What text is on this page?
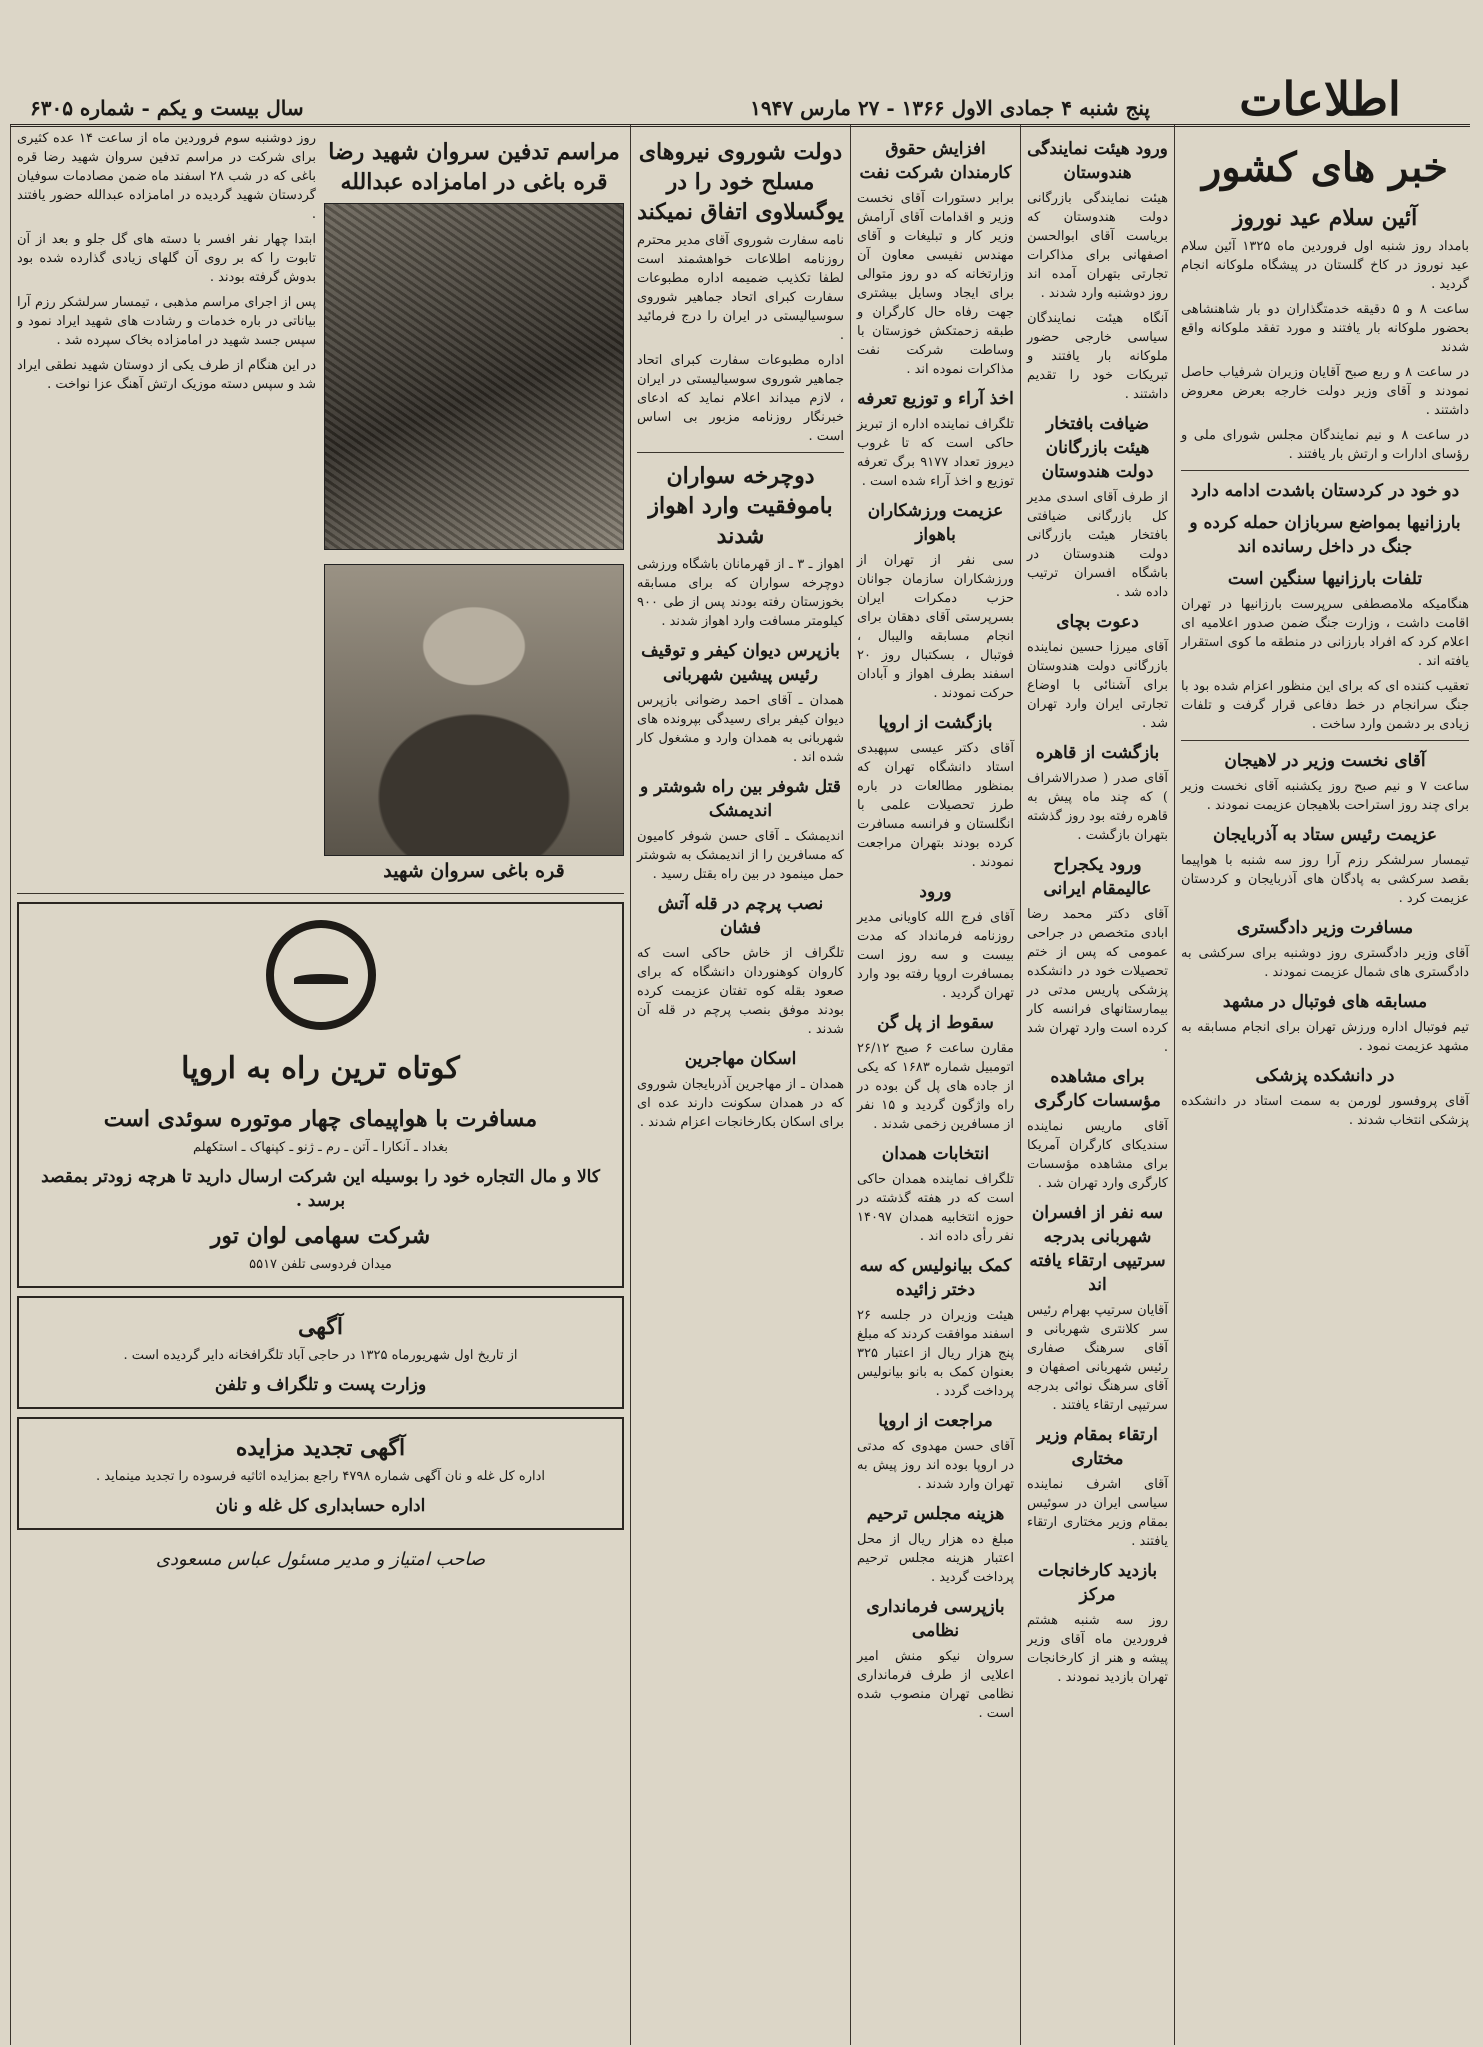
اطلاعات
پنج شنبه ۴ جمادی الاول ۱۳۶۶ - ۲۷ مارس ۱۹۴۷
سال بیست و یکم - شماره ۶۳۰۵
خبر های کشور
آئین سلام عید نوروز

بامداد روز شنبه اول فروردین ماه ۱۳۲۵ آئین سلام عید نوروز در کاخ گلستان در پیشگاه ملوکانه انجام گردید .

ساعت ۸ و ۵ دقیقه خدمتگذاران دو بار شاهنشاهی بحضور ملوکانه بار یافتند و مورد تفقد ملوکانه واقع شدند

در ساعت ۸ و ربع صبح آقایان وزیران شرفیاب حاصل نمودند و آقای وزیر دولت خارجه بعرض معروض داشتند .

در ساعت ۸ و نیم نمایندگان مجلس شورای ملی و رؤسای ادارات و ارتش بار یافتند .

دو خود در کردستان باشدت ادامه دارد
بارزانیها بمواضع سربازان حمله کرده و جنگ در داخل رسانده اند
تلفات بارزانیها سنگین است

هنگامیکه ملامصطفی سرپرست بارزانیها در تهران اقامت داشت ، وزارت جنگ ضمن صدور اعلامیه ای اعلام کرد که افراد بارزانی در منطقه ما کوی استقرار یافته اند .

تعقیب کننده ای که برای این منظور اعزام شده بود با جنگ سرانجام در خط دفاعی قرار گرفت و تلفات زیادی بر دشمن وارد ساخت .

آقای نخست وزیر در لاهیجان

ساعت ۷ و نیم صبح روز یکشنبه آقای نخست وزیر برای چند روز استراحت بلاهیجان عزیمت نمودند .

عزیمت رئیس ستاد به آذربایجان

تیمسار سرلشکر رزم آرا روز سه شنبه با هواپیما بقصد سرکشی به پادگان های آذربایجان و کردستان عزیمت کرد .

مسافرت وزیر دادگستری

آقای وزیر دادگستری روز دوشنبه برای سرکشی به دادگستری های شمال عزیمت نمودند .

مسابقه های فوتبال در مشهد

تیم فوتبال اداره ورزش تهران برای انجام مسابقه به مشهد عزیمت نمود .

در دانشکده پزشکی

آقای پروفسور لورمن به سمت استاد در دانشکده پزشکی انتخاب شدند .

ورود هیئت نمایندگی هندوستان

هیئت نمایندگی بازرگانی دولت هندوستان که بریاست آقای ابوالحسن اصفهانی برای مذاکرات تجارتی بتهران آمده اند روز دوشنبه وارد شدند .

آنگاه هیئت نمایندگان سیاسی خارجی حضور ملوکانه بار یافتند و تبریکات خود را تقدیم داشتند .

ضیافت بافتخار هیئت بازرگانان دولت هندوستان

از طرف آقای اسدی مدیر کل بازرگانی ضیافتی بافتخار هیئت بازرگانی دولت هندوستان در باشگاه افسران ترتیب داده شد .

دعوت بچای

آقای میرزا حسین نماینده بازرگانی دولت هندوستان برای آشنائی با اوضاع تجارتی ایران وارد تهران شد .

بازگشت از قاهره

آقای صدر ( صدرالاشراف ) که چند ماه پیش به قاهره رفته بود روز گذشته بتهران بازگشت .

ورود یکجراح عالیمقام ایرانی

آقای دکتر محمد رضا ابادی متخصص در جراحی عمومی که پس از ختم تحصیلات خود در دانشکده پزشکی پاریس مدتی در بیمارستانهای فرانسه کار کرده است وارد تهران شد .

برای مشاهده مؤسسات کارگری

آقای ماریس نماینده سندیکای کارگران آمریکا برای مشاهده مؤسسات کارگری وارد تهران شد .

سه نفر از افسران شهربانی بدرجه سرتیپی ارتقاء یافته اند

آقایان سرتیپ بهرام رئیس سر کلانتری شهربانی و آقای سرهنگ صفاری رئیس شهربانی اصفهان و آقای سرهنگ نوائی بدرجه سرتیپی ارتقاء یافتند .

ارتقاء بمقام وزیر مختاری

آقای اشرف نماینده سیاسی ایران در سوئیس بمقام وزیر مختاری ارتقاء یافتند .

بازدید کارخانجات مرکز

روز سه شنبه هشتم فروردین ماه آقای وزیر پیشه و هنر از کارخانجات تهران بازدید نمودند .

افزایش حقوق کارمندان شرکت نفت

برابر دستورات آقای نخست وزیر و اقدامات آقای آرامش وزیر کار و تبلیغات و آقای مهندس نفیسی معاون آن وزارتخانه که دو روز متوالی برای ایجاد وسایل بیشتری جهت رفاه حال کارگران و طبقه زحمتکش خوزستان با وساطت شرکت نفت مذاکرات نموده اند .

اخذ آراء و توزیع تعرفه

تلگراف نماینده اداره از تبریز حاکی است که تا غروب دیروز تعداد ۹۱۷۷ برگ تعرفه توزیع و اخذ آراء شده است .

عزیمت ورزشکاران باهواز

سی نفر از تهران از ورزشکاران سازمان جوانان حزب دمکرات ایران بسرپرستی آقای دهقان برای انجام مسابقه والیبال ، فوتبال ، بسکتبال روز ۲۰ اسفند بطرف اهواز و آبادان حرکت نمودند .

بازگشت از اروپا

آقای دکتر عیسی سپهبدی استاد دانشگاه تهران که بمنظور مطالعات در باره طرز تحصیلات علمی با انگلستان و فرانسه مسافرت کرده بودند بتهران مراجعت نمودند .

ورود

آقای فرج الله کاویانی مدیر روزنامه فرمانداد که مدت بیست و سه روز است بمسافرت اروپا رفته بود وارد تهران گردید .

سقوط از پل گن

مقارن ساعت ۶ صبح ۲۶/۱۲ اتومبیل شماره ۱۶۸۳ که یکی از جاده های پل گن بوده در راه واژگون گردید و ۱۵ نفر از مسافرین زخمی شدند .

انتخابات همدان

تلگراف نماینده همدان حاکی است که در هفته گذشته در حوزه انتخابیه همدان ۱۴۰۹۷ نفر رأی داده اند .

کمک بیانولیس که سه دختر زائیده

هیئت وزیران در جلسه ۲۶ اسفند موافقت کردند که مبلغ پنج هزار ریال از اعتبار ۳۲۵ بعنوان کمک به بانو بیانولیس پرداخت گردد .

مراجعت از اروپا

آقای حسن مهدوی که مدتی در اروپا بوده اند روز پیش به تهران وارد شدند .

هزینه مجلس ترحیم

مبلغ ده هزار ریال از محل اعتبار هزینه مجلس ترحیم پرداخت گردید .

بازپرسی فرمانداری نظامی

سروان نیکو منش امیر اعلایی از طرف فرمانداری نظامی تهران منصوب شده است .

دولت شوروی نیروهای مسلح خود را در یوگسلاوی اتفاق نمیکند

نامه سفارت شوروی آقای مدیر محترم روزنامه اطلاعات خواهشمند است لطفا تکذیب ضمیمه اداره مطبوعات سفارت کبرای اتحاد جماهیر شوروی سوسیالیستی در ایران را درج فرمائید .

اداره مطبوعات سفارت کبرای اتحاد جماهیر شوروی سوسیالیستی در ایران ، لازم میداند اعلام نماید که ادعای خبرنگار روزنامه مزبور بی اساس است .

دوچرخه سواران باموفقیت وارد اهواز شدند

اهواز ـ ۳ ـ از قهرمانان باشگاه ورزشی دوچرخه سواران که برای مسابقه بخوزستان رفته بودند پس از طی ۹۰۰ کیلومتر مسافت وارد اهواز شدند .

بازپرس دیوان کیفر و توقیف رئیس پیشین شهربانی

همدان ـ آقای احمد رضوانی بازپرس دیوان کیفر برای رسیدگی بپرونده های شهربانی به همدان وارد و مشغول کار شده اند .

قتل شوفر بین راه شوشتر و اندیمشک

اندیمشک ـ آقای حسن شوفر کامیون که مسافرین را از اندیمشک به شوشتر حمل مینمود در بین راه بقتل رسید .

نصب پرچم در قله آتش فشان

تلگراف از خاش حاکی است که کاروان کوهنوردان دانشگاه که برای صعود بقله کوه تفتان عزیمت کرده بودند موفق بنصب پرچم در قله آن شدند .

اسکان مهاجرین

همدان ـ از مهاجرین آذربایجان شوروی که در همدان سکونت دارند عده ای برای اسکان بکارخانجات اعزام شدند .

مراسم تدفین سروان شهید رضا قره باغی در امامزاده عبدالله
قره باغی سروان شهید

روز دوشنبه سوم فروردین ماه از ساعت ۱۴ عده کثیری برای شرکت در مراسم تدفین سروان شهید رضا قره باغی که در شب ۲۸ اسفند ماه ضمن مصادمات سوفیان گردستان شهید گردیده در امامزاده عبدالله حضور یافتند .

ابتدا چهار نفر افسر با دسته های گل جلو و بعد از آن تابوت را که بر روی آن گلهای زیادی گذارده شده بود بدوش گرفته بودند .

پس از اجرای مراسم مذهبی ، تیمسار سرلشکر رزم آرا بیاناتی در باره خدمات و رشادت های شهید ایراد نمود و سپس جسد شهید در امامزاده بخاک سپرده شد .

در این هنگام از طرف یکی از دوستان شهید نطقی ایراد شد و سپس دسته موزیک ارتش آهنگ عزا نواخت .

کوتاه ترین راه به اروپا
مسافرت با هواپیمای چهار موتوره سوئدی است

بغداد ـ آنکارا ـ آتن ـ رم ـ ژنو ـ کپنهاک ـ استکهلم

کالا و مال التجاره خود را بوسیله این شرکت ارسال دارید تا هرچه زودتر بمقصد برسد .
شرکت سهامی لوان تور

میدان فردوسی تلفن ۵۵۱۷

آگهی

از تاریخ اول شهریورماه ۱۳۲۵ در حاجی آباد تلگرافخانه دایر گردیده است .

وزارت پست و تلگراف و تلفن
آگهی تجدید مزایده

اداره کل غله و نان آگهی شماره ۴۷۹۸ راجع بمزایده اثاثیه فرسوده را تجدید مینماید .

اداره حسابداری کل غله و نان
صاحب امتیاز و مدیر مسئول عباس مسعودی
